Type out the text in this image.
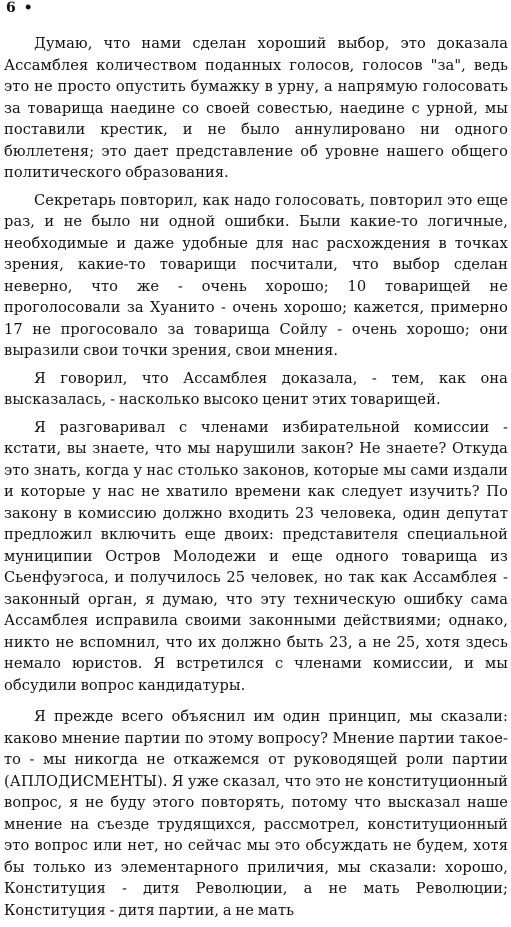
6 •

Думаю, что нами сделан хороший выбор, это доказала Ассамблея количеством поданных голосов, голосов "за", ведь это не просто опустить бумажку в урну, а напрямую голосовать за товарища наедине со своей совестью, наедине с урной, мы поставили крестик, и не было аннулировано ни одного бюллетеня; это дает представление об уровне нашего общего политического образования.

Секретарь повторил, как надо голосовать, повторил это еще раз, и не было ни одной ошибки. Были какие-то логичные, необходимые и даже удобные для нас расхождения в точках зрения, какие-то товарищи посчитали, что выбор сделан неверно, что же - очень хорошо; 10 товарищей не проголосовали за Хуанито - очень хорошо; кажется, примерно 17 не прогосовало за товарища Сойлу - очень хорошо; они выразили свои точки зрения, свои мнения.

Я говорил, что Ассамблея доказала, - тем, как она высказалась, - насколько высоко ценит этих товарищей.

Я разговаривал с членами избирательной комиссии - кстати, вы знаете, что мы нарушили закон? Не знаете? Откуда это знать, когда у нас столько законов, которые мы сами издали и которые у нас не хватило времени как следует изучить? По закону в комиссию должно входить 23 человека, один депутат предложил включить еще двоих: представителя специальной муниципии Остров Молодежи и еще одного товарища из Сьенфуэгоса, и получилось 25 человек, но так как Ассамблея - законный орган, я думаю, что эту техническую ошибку сама Ассамблея исправила своими законными действиями; однако, никто не вспомнил, что их должно быть 23, а не 25, хотя здесь немало юристов. Я встретился с членами комиссии, и мы обсудили вопрос кандидатуры.

Я прежде всего объяснил им один принцип, мы сказали: каково мнение партии по этому вопросу? Мнение партии такое-то - мы никогда не откажемся от руководящей роли партии (АПЛОДИСМЕНТЫ). Я уже сказал, что это не конституционный вопрос, я не буду этого повторять, потому что высказал наше мнение на съезде трудящихся, рассмотрел, конституционный это вопрос или нет, но сейчас мы это обсуждать не будем, хотя бы только из элементарного приличия, мы сказали: хорошо, Конституция - дитя Революции, а не мать Революции; Конституция - дитя партии, а не мать
